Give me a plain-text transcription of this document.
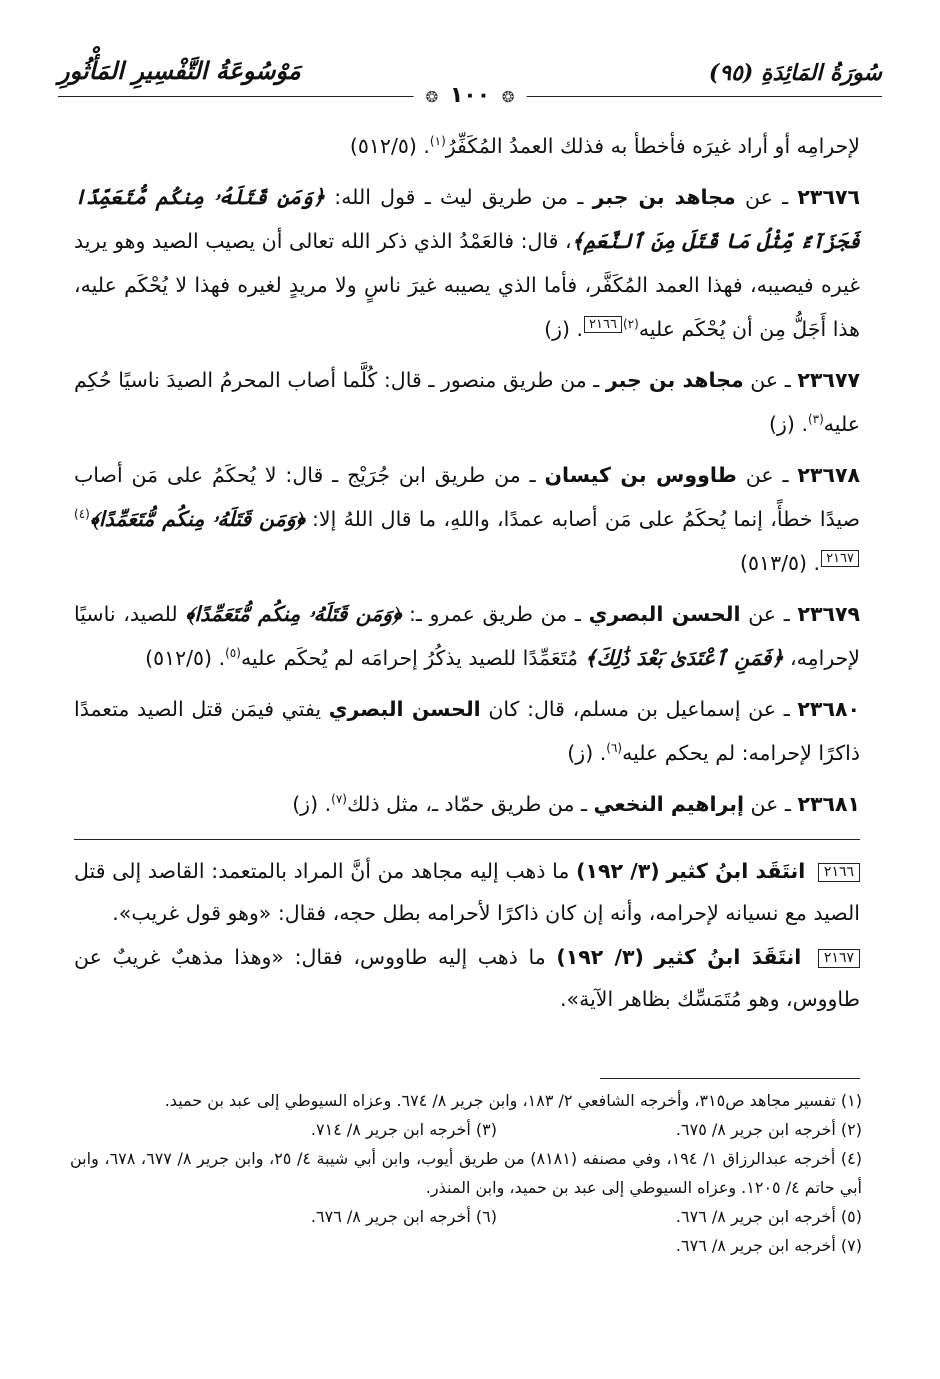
سُورَةُ المَائِدَةِ (٩٥)
مَوْسُوعَةُ التَّفْسِيرِ المَأْثُورِ
❂ ١٠٠ ❂

لإحرامِه أو أراد غيرَه فأخطأ به فذلك العمدُ المُكَفِّرُ$^{(١)}$. (٥١٢/٥)

٢٣٦٧٦ ـ عن مجاهد بن جبر ـ من طريق ليث ـ قول الله: ﴿وَمَن قَتَلَهُۥ مِنكُم مُّتَعَمِّدًا فَجَزَآءٌ مِّثْلُ مَا قَتَلَ مِنَ ٱلنَّعَمِ﴾، قال: فالعَمْدُ الذي ذكر الله تعالى أن يصيب الصيد وهو يريد غيره فيصيبه، فهذا العمد المُكَفَّر، فأما الذي يصيبه غيرَ ناسٍ ولا مريدٍ لغيره فهذا لا يُحْكَم عليه، هذا أَجَلُّ مِن أن يُحْكَم عليه$^{(٢)}$٢١٦٦. (ز)

٢٣٦٧٧ ـ عن مجاهد بن جبر ـ من طريق منصور ـ قال: كُلَّما أصاب المحرمُ الصيدَ ناسيًا حُكِم عليه$^{(٣)}$. (ز)

٢٣٦٧٨ ـ عن طاووس بن كيسان ـ من طريق ابن جُرَيْج ـ قال: لا يُحكَمُ على مَن أصاب صيدًا خطأً، إنما يُحكَمُ على مَن أصابه عمدًا، واللهِ، ما قال اللهُ إلا: ﴿وَمَن قَتَلَهُۥ مِنكُم مُّتَعَمِّدًا﴾$^{(٤)}$٢١٦٧. (٥١٣/٥)

٢٣٦٧٩ ـ عن الحسن البصري ـ من طريق عمرو ـ: ﴿وَمَن قَتَلَهُۥ مِنكُم مُّتَعَمِّدًا﴾ للصيد، ناسيًا لإحرامِه، ﴿فَمَنِ ٱعْتَدَىٰ بَعْدَ ذَٰلِكَ﴾ مُتَعَمِّدًا للصيد يذكُرُ إحرامَه لم يُحكَم عليه$^{(٥)}$. (٥١٢/٥)

٢٣٦٨٠ ـ عن إسماعيل بن مسلم، قال: كان الحسن البصري يفتي فيمَن قتل الصيد متعمدًا ذاكرًا لإحرامه: لم يحكم عليه$^{(٦)}$. (ز)

٢٣٦٨١ ـ عن إبراهيم النخعي ـ من طريق حمّاد ـ، مثل ذلك$^{(٧)}$. (ز)

٢١٦٦ انتَقَد ابنُ كثير (٣/ ١٩٢) ما ذهب إليه مجاهد من أنَّ المراد بالمتعمد: القاصد إلى قتل الصيد مع نسيانه لإحرامه، وأنه إن كان ذاكرًا لأحرامه بطل حجه، فقال: «وهو قول غريب».

٢١٦٧ انتَقَدَ ابنُ كثير (٣/ ١٩٢) ما ذهب إليه طاووس، فقال: «وهذا مذهبٌ غريبٌ عن طاووس، وهو مُتَمَسِّك بظاهر الآية».

(١) تفسير مجاهد ص٣١٥، وأخرجه الشافعي ٢/ ١٨٣، وابن جرير ٨/ ٦٧٤. وعزاه السيوطي إلى عبد بن حميد.

(٢) أخرجه ابن جرير ٨/ ٦٧٥.
(٣) أخرجه ابن جرير ٨/ ٧١٤.

(٤) أخرجه عبدالرزاق ١/ ١٩٤، وفي مصنفه (٨١٨١) من طريق أيوب، وابن أبي شيبة ٤/ ٢٥، وابن جرير ٨/ ٦٧٧، ٦٧٨، وابن أبي حاتم ٤/ ١٢٠٥. وعزاه السيوطي إلى عبد بن حميد، وابن المنذر.

(٥) أخرجه ابن جرير ٨/ ٦٧٦.
(٦) أخرجه ابن جرير ٨/ ٦٧٦.

(٧) أخرجه ابن جرير ٨/ ٦٧٦.
